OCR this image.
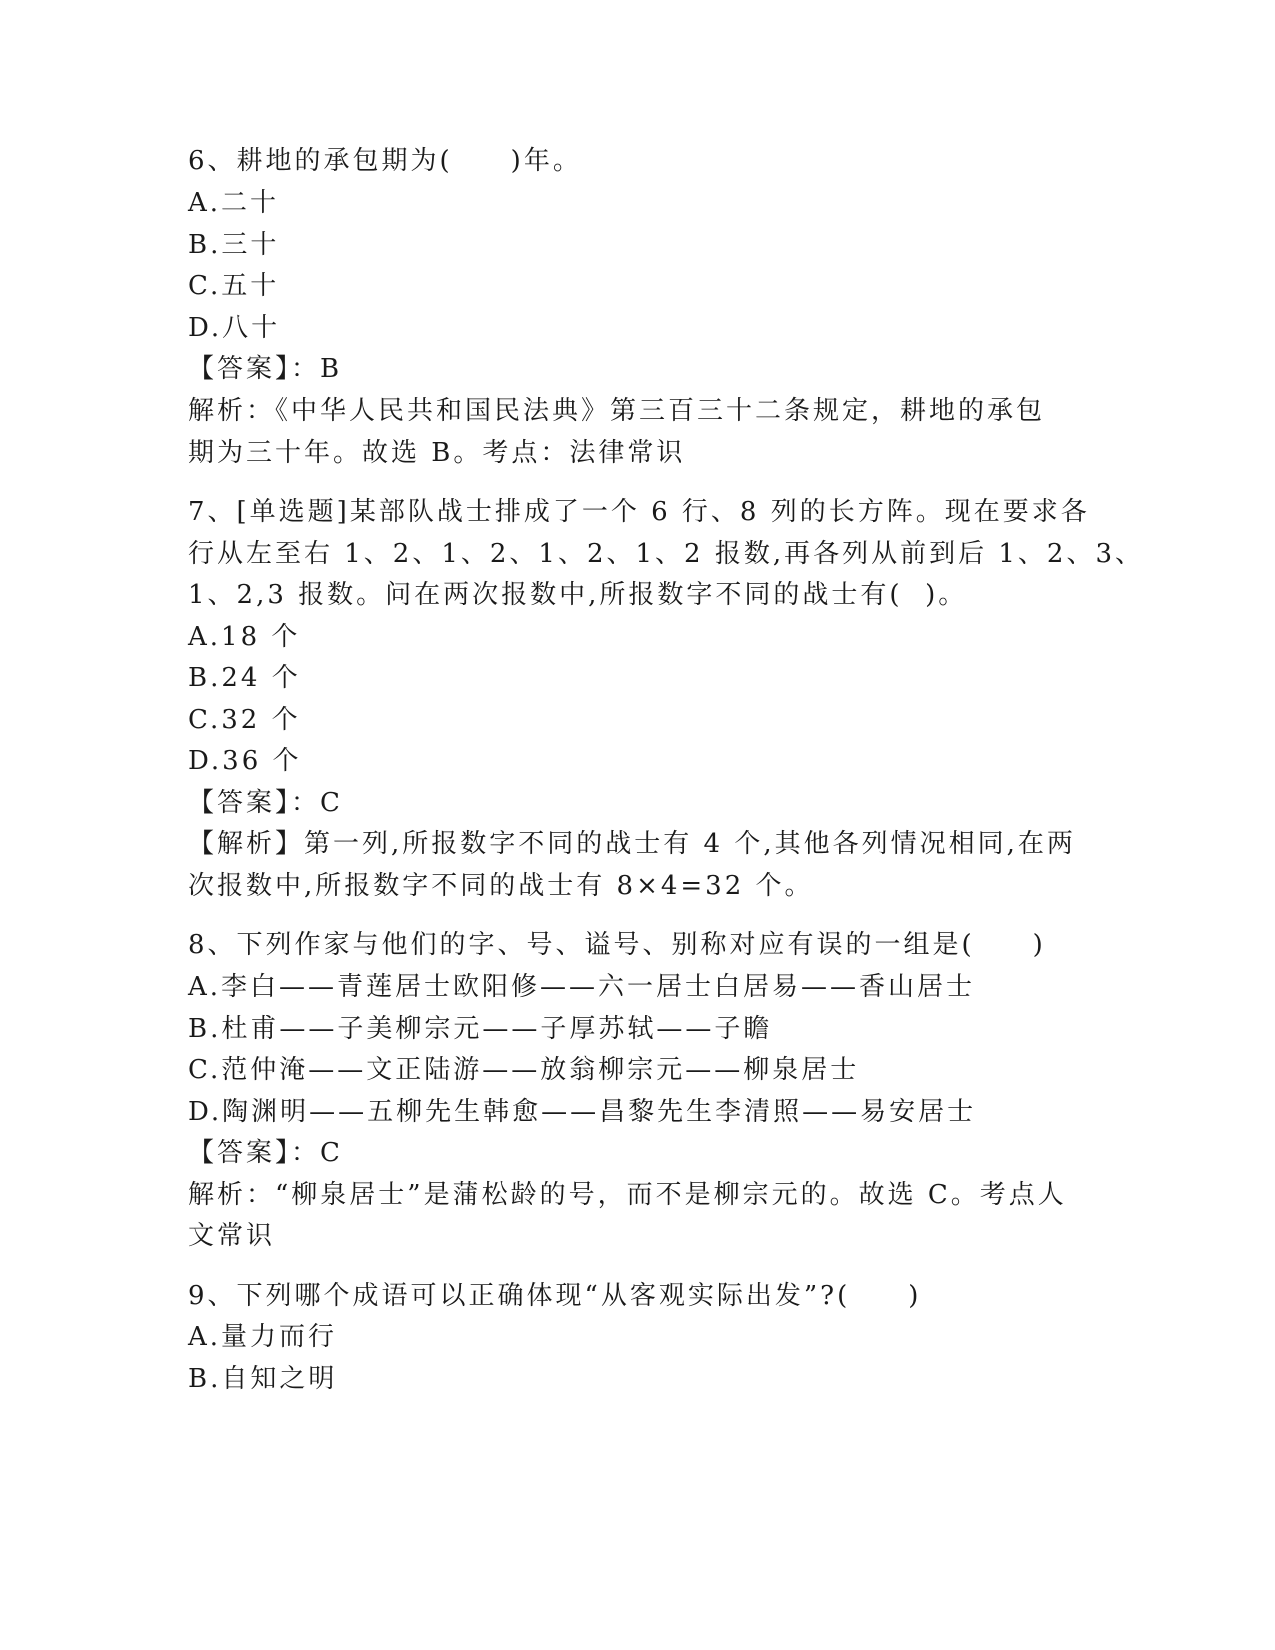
6、耕地的承包期为(　　)年。
A.二十
B.三十
C.五十
D.八十
【答案】：B
解析：《中华人民共和国民法典》第三百三十二条规定，耕地的承包
期为三十年。故选 B。考点：法律常识
7、[单选题]某部队战士排成了一个 6 行、8 列的长方阵。现在要求各
行从左至右 1、2、1、2、1、2、1、2 报数,再各列从前到后 1、2、3、
1、2,3 报数。问在两次报数中,所报数字不同的战士有(  )。
A.18 个
B.24 个
C.32 个
D.36 个
【答案】：C
【解析】第一列,所报数字不同的战士有 4 个,其他各列情况相同,在两
次报数中,所报数字不同的战士有 8×4=32 个。
8、下列作家与他们的字、号、谥号、别称对应有误的一组是(　　)
A.李白——青莲居士欧阳修——六一居士白居易——香山居士
B.杜甫——子美柳宗元——子厚苏轼——子瞻
C.范仲淹——文正陆游——放翁柳宗元——柳泉居士
D.陶渊明——五柳先生韩愈——昌黎先生李清照——易安居士
【答案】：C
解析：“柳泉居士”是蒲松龄的号，而不是柳宗元的。故选 C。考点人
文常识
9、下列哪个成语可以正确体现“从客观实际出发”?(　　)
A.量力而行
B.自知之明
